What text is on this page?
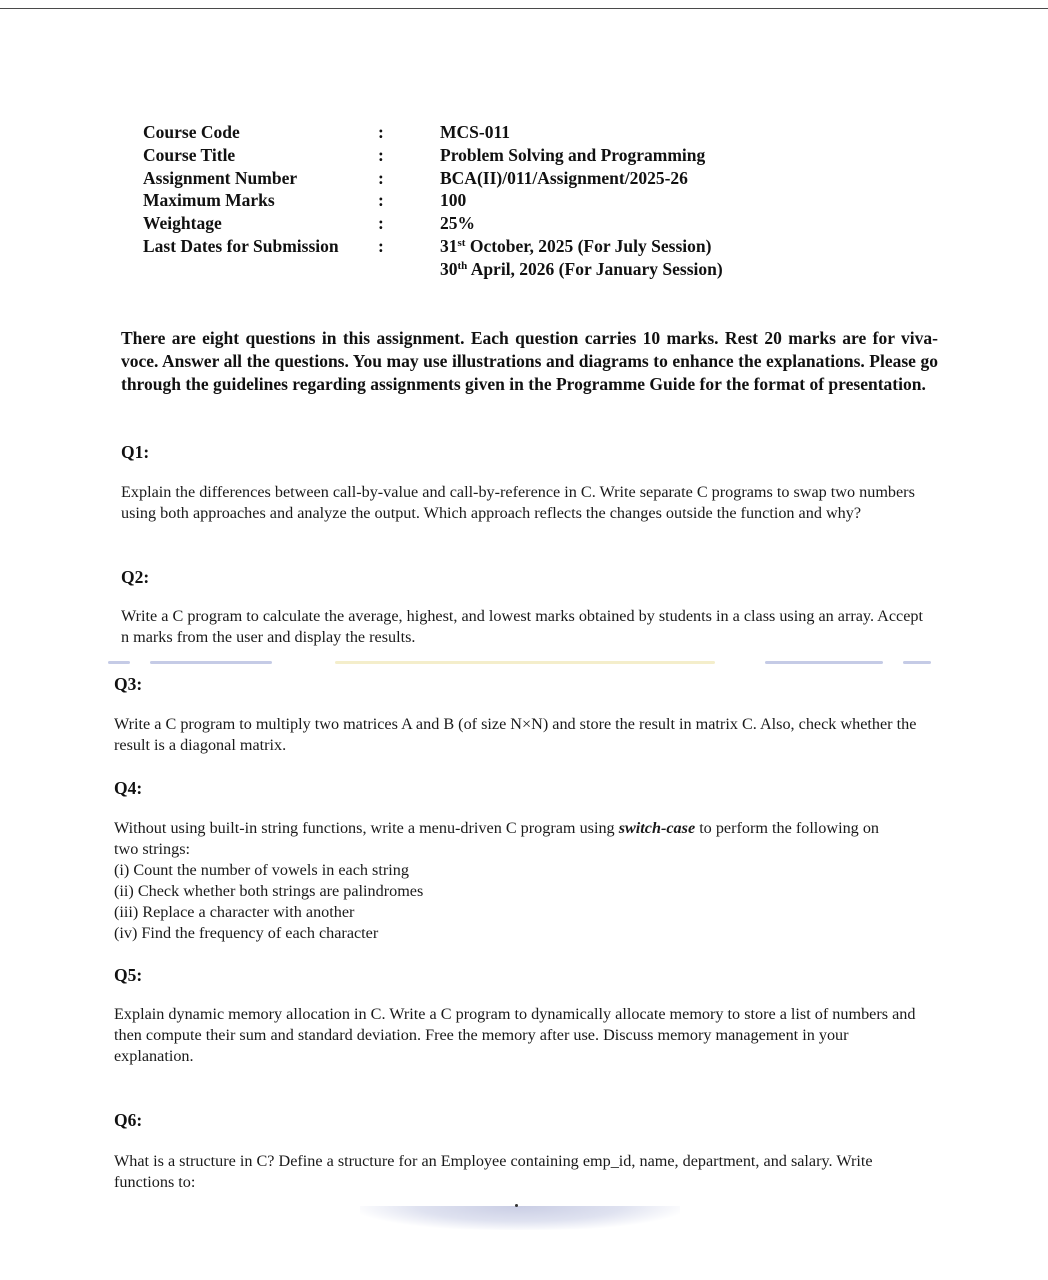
Course Code	:	MCS-011
Course Title	:	Problem Solving and Programming
Assignment Number	:	BCA(II)/011/Assignment/2025-26
Maximum Marks	:	100
Weightage	:	25%
Last Dates for Submission :	31st October, 2025 (For July Session)
30th April, 2026 (For January Session)

There are eight questions in this assignment. Each question carries 10 marks. Rest 20 marks are for viva-voce. Answer all the questions. You may use illustrations and diagrams to enhance the explanations. Please go through the guidelines regarding assignments given in the Programme Guide for the format of presentation.

Q1:

Explain the differences between call-by-value and call-by-reference in C. Write separate C programs to swap two numbers using both approaches and analyze the output. Which approach reflects the changes outside the function and why?

Q2:

Write a C program to calculate the average, highest, and lowest marks obtained by students in a class using an array. Accept n marks from the user and display the results.

Q3:

Write a C program to multiply two matrices A and B (of size N×N) and store the result in matrix C. Also, check whether the result is a diagonal matrix.

Q4:

Without using built-in string functions, write a menu-driven C program using switch-case to perform the following on two strings:
(i) Count the number of vowels in each string
(ii) Check whether both strings are palindromes
(iii) Replace a character with another
(iv) Find the frequency of each character

Q5:

Explain dynamic memory allocation in C. Write a C program to dynamically allocate memory to store a list of numbers and then compute their sum and standard deviation. Free the memory after use. Discuss memory management in your explanation.

Q6:

What is a structure in C? Define a structure for an Employee containing emp_id, name, department, and salary. Write functions to:
